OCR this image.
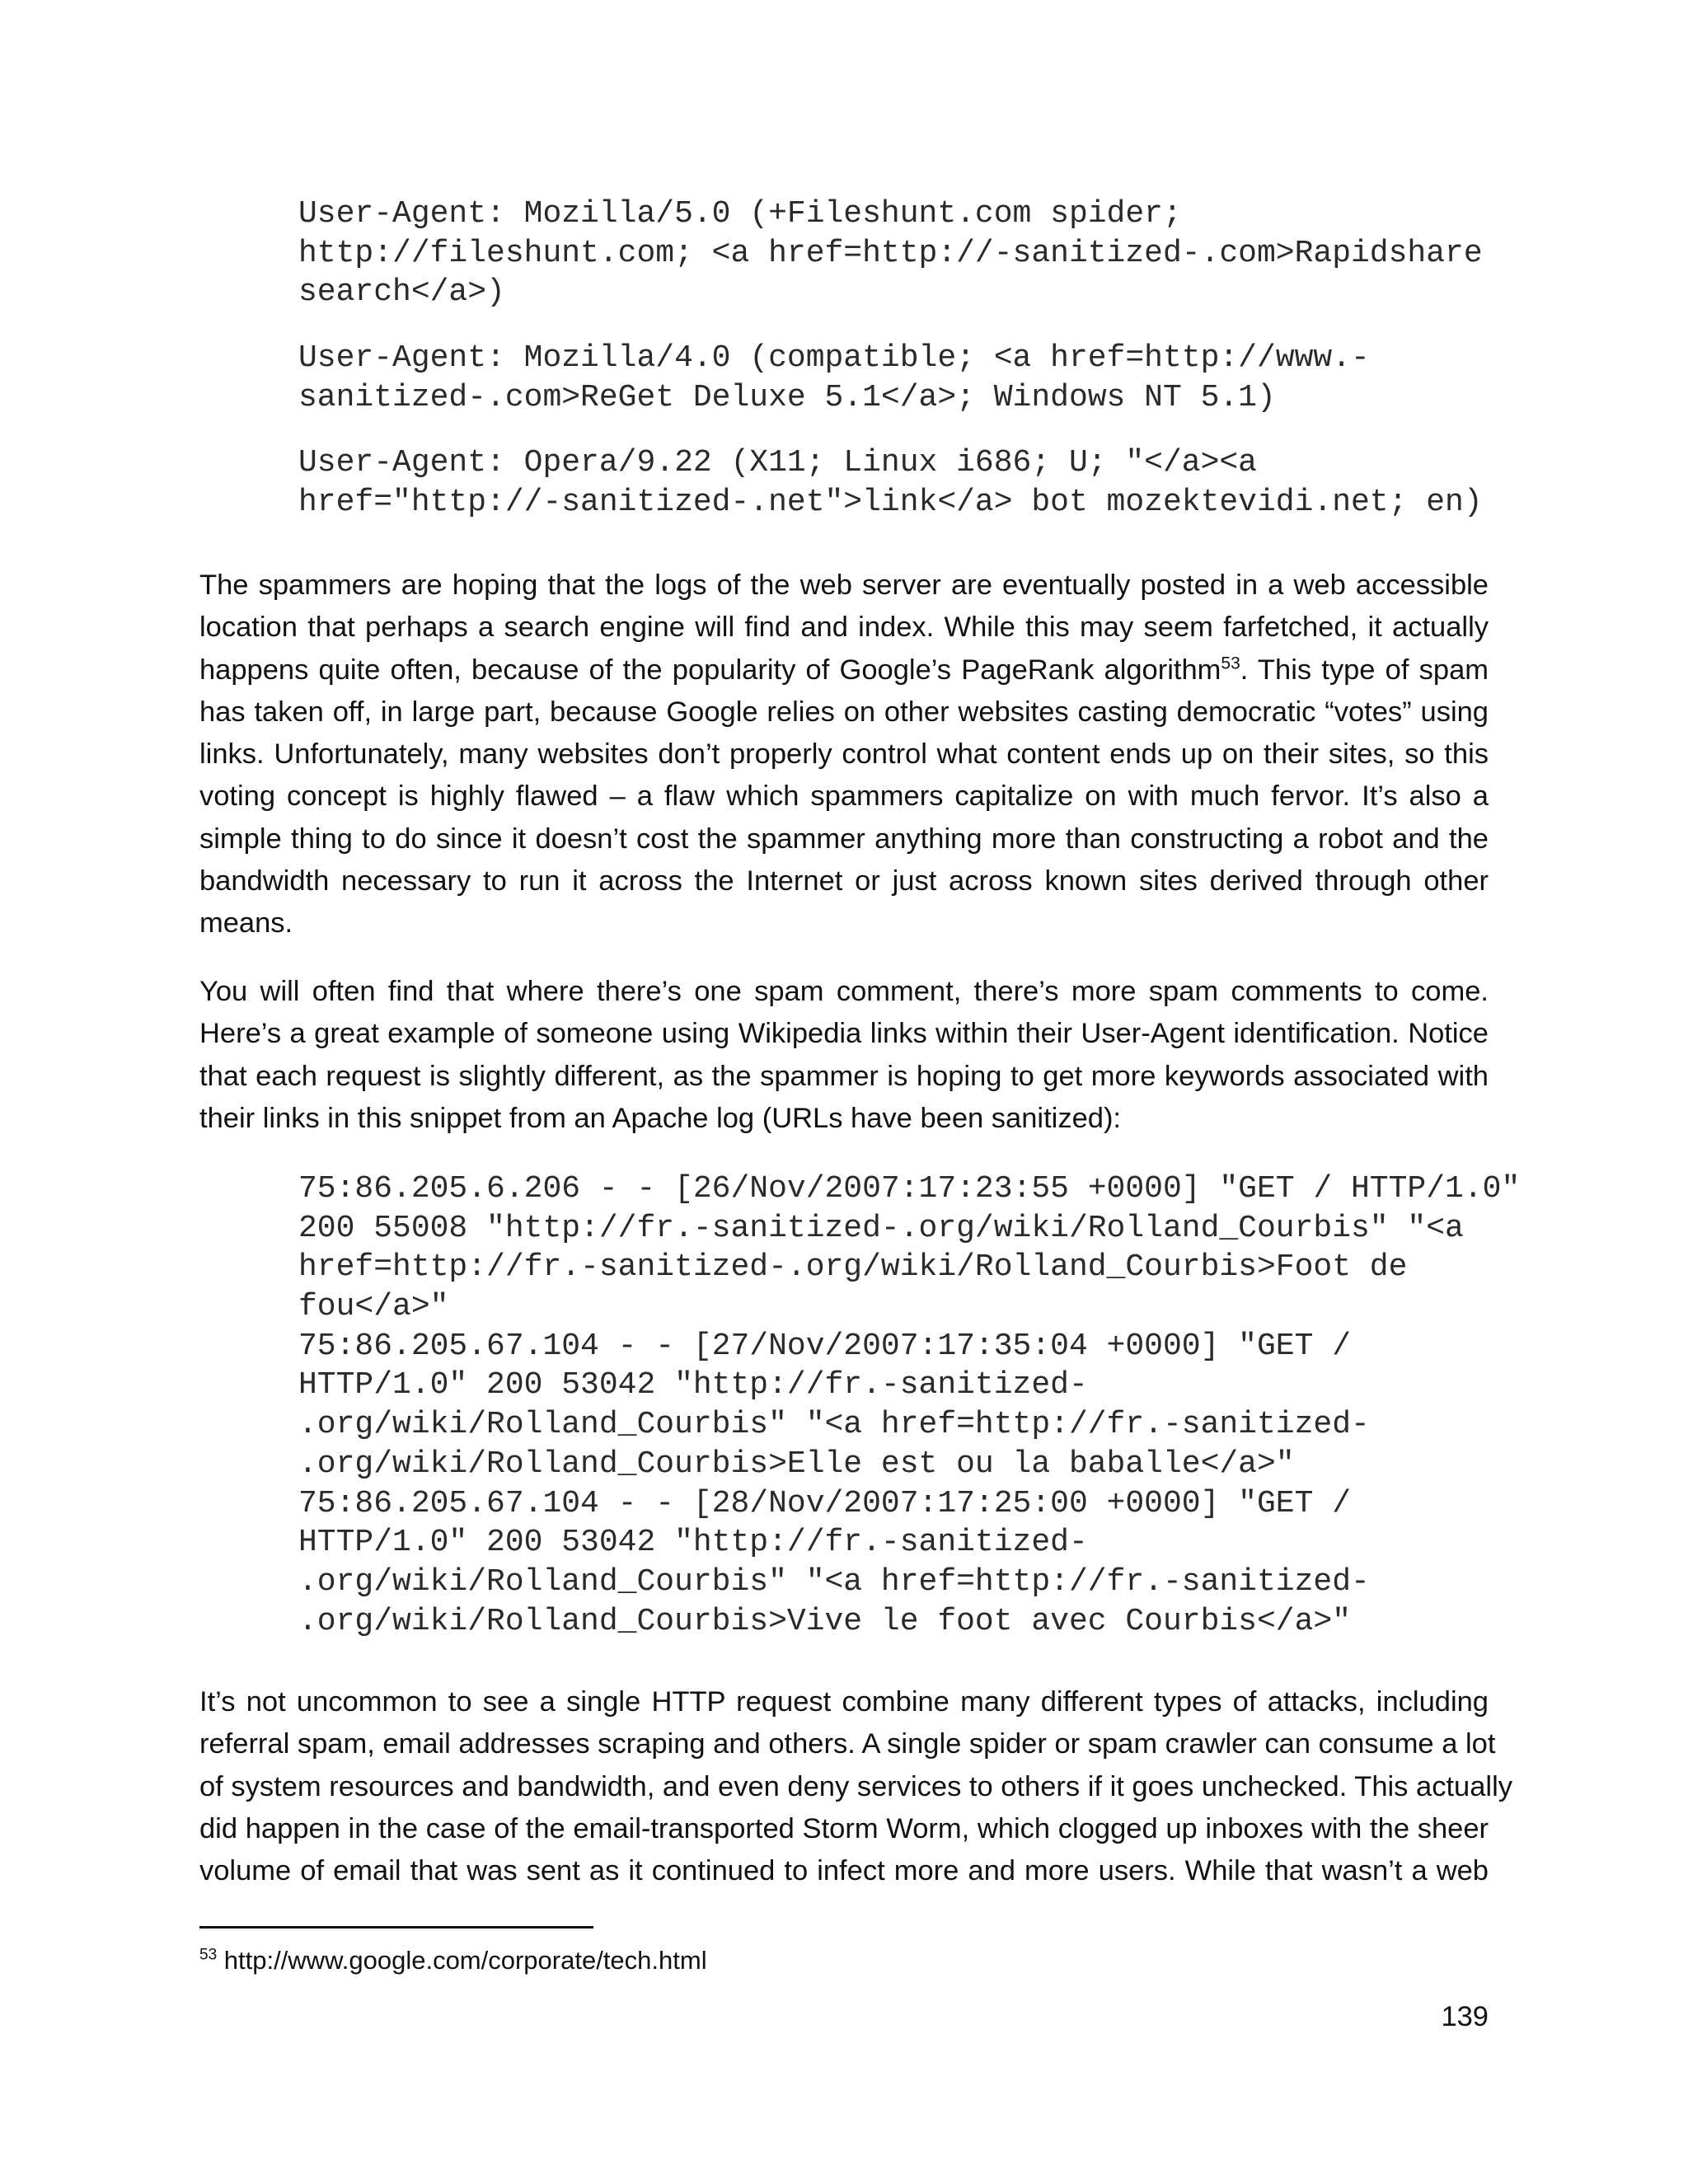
User-Agent: Mozilla/5.0 (+Fileshunt.com spider;
http://fileshunt.com; <a href=http://-sanitized-.com>Rapidshare
search</a>)
User-Agent: Mozilla/4.0 (compatible; <a href=http://www.-
sanitized-.com>ReGet Deluxe 5.1</a>; Windows NT 5.1)
User-Agent: Opera/9.22 (X11; Linux i686; U; "</a><a
href="http://-sanitized-.net">link</a> bot mozektevidi.net; en)
The spammers are hoping that the logs of the web server are eventually posted in a web accessible
location that perhaps a search engine will find and index. While this may seem farfetched, it actually
happens quite often, because of the popularity of Google’s PageRank algorithm$^{53}$. This type of spam
has taken off, in large part, because Google relies on other websites casting democratic “votes” using
links. Unfortunately, many websites don’t properly control what content ends up on their sites, so this
voting concept is highly flawed – a flaw which spammers capitalize on with much fervor. It’s also a
simple thing to do since it doesn’t cost the spammer anything more than constructing a robot and the
bandwidth necessary to run it across the Internet or just across known sites derived through other
means.
You will often find that where there’s one spam comment, there’s more spam comments to come.
Here’s a great example of someone using Wikipedia links within their User-Agent identification. Notice
that each request is slightly different, as the spammer is hoping to get more keywords associated with
their links in this snippet from an Apache log (URLs have been sanitized):
75:86.205.6.206 - - [26/Nov/2007:17:23:55 +0000] "GET / HTTP/1.0"
200 55008 "http://fr.-sanitized-.org/wiki/Rolland_Courbis" "<a
href=http://fr.-sanitized-.org/wiki/Rolland_Courbis>Foot de
fou</a>"
75:86.205.67.104 - - [27/Nov/2007:17:35:04 +0000] "GET /
HTTP/1.0" 200 53042 "http://fr.-sanitized-
.org/wiki/Rolland_Courbis" "<a href=http://fr.-sanitized-
.org/wiki/Rolland_Courbis>Elle est ou la baballe</a>"
75:86.205.67.104 - - [28/Nov/2007:17:25:00 +0000] "GET /
HTTP/1.0" 200 53042 "http://fr.-sanitized-
.org/wiki/Rolland_Courbis" "<a href=http://fr.-sanitized-
.org/wiki/Rolland_Courbis>Vive le foot avec Courbis</a>"
It’s not uncommon to see a single HTTP request combine many different types of attacks, including
referral spam, email addresses scraping and others. A single spider or spam crawler can consume a lot
of system resources and bandwidth, and even deny services to others if it goes unchecked. This actually
did happen in the case of the email-transported Storm Worm, which clogged up inboxes with the sheer
volume of email that was sent as it continued to infect more and more users. While that wasn’t a web
$^{53}$ http://www.google.com/corporate/tech.html
139
